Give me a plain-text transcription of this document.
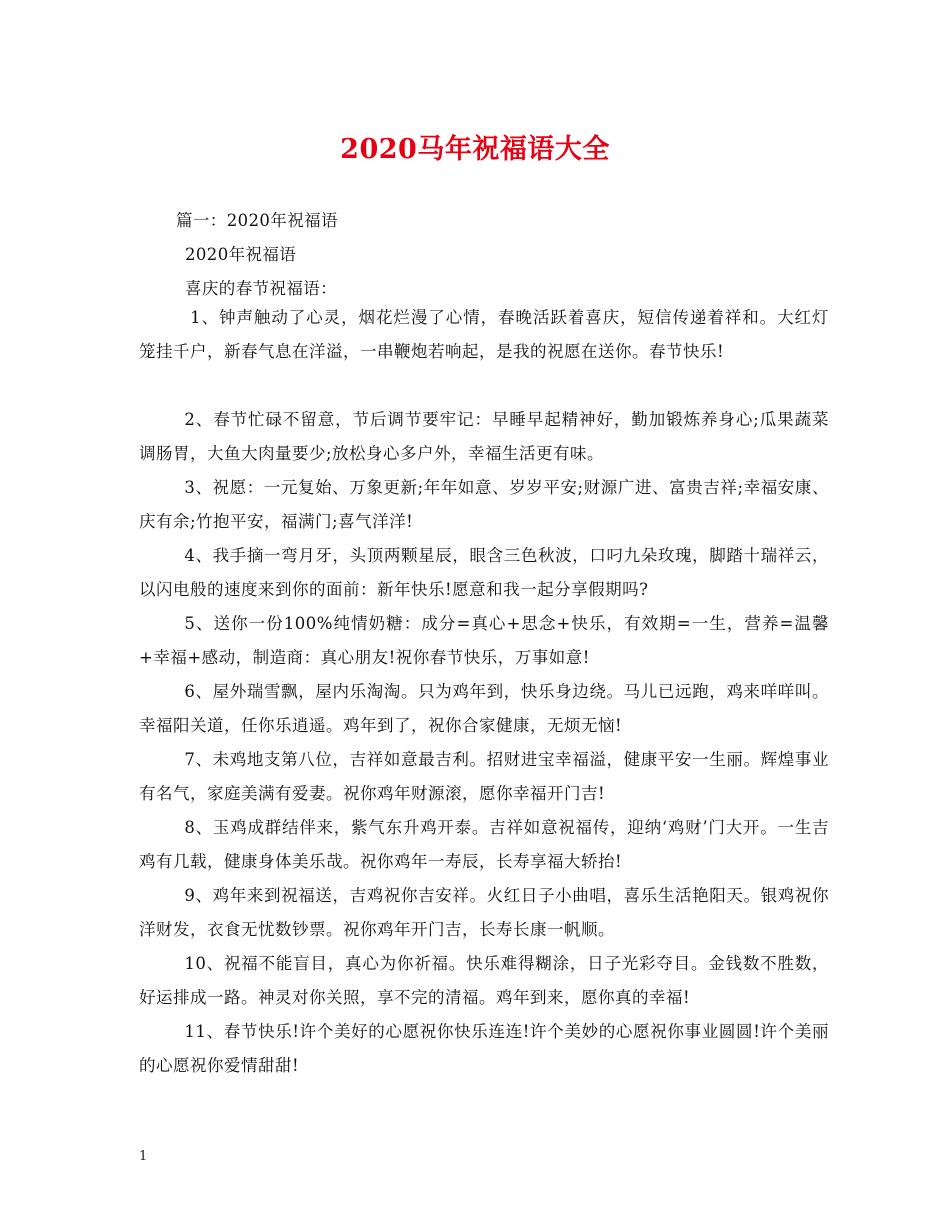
2020马年祝福语大全
篇一：2020年祝福语
2020年祝福语
喜庆的春节祝福语：

1、钟声触动了心灵，烟花烂漫了心情，春晚活跃着喜庆，短信传递着祥和。大红灯笼挂千户，新春气息在洋溢，一串鞭炮若响起，是我的祝愿在送你。春节快乐!

2、春节忙碌不留意，节后调节要牢记：早睡早起精神好，勤加锻炼养身心;瓜果蔬菜调肠胃，大鱼大肉量要少;放松身心多户外，幸福生活更有味。

3、祝愿：一元复始、万象更新;年年如意、岁岁平安;财源广进、富贵吉祥;幸福安康、庆有余;竹抱平安，福满门;喜气洋洋!

4、我手摘一弯月牙，头顶两颗星辰，眼含三色秋波，口叼九朵玫瑰，脚踏十瑞祥云，以闪电般的速度来到你的面前：新年快乐!愿意和我一起分享假期吗?

5、送你一份100%纯情奶糖：成分=真心+思念+快乐，有效期=一生，营养=温馨+幸福+感动，制造商：真心朋友!祝你春节快乐，万事如意!

6、屋外瑞雪飘，屋内乐淘淘。只为鸡年到，快乐身边绕。马儿已远跑，鸡来咩咩叫。幸福阳关道，任你乐逍遥。鸡年到了，祝你合家健康，无烦无恼!

7、未鸡地支第八位，吉祥如意最吉利。招财进宝幸福溢，健康平安一生丽。辉煌事业有名气，家庭美满有爱妻。祝你鸡年财源滚，愿你幸福开门吉!

8、玉鸡成群结伴来，紫气东升鸡开泰。吉祥如意祝福传，迎纳‘鸡财’门大开。一生吉鸡有几载，健康身体美乐哉。祝你鸡年一寿辰，长寿享福大轿抬!

9、鸡年来到祝福送，吉鸡祝你吉安祥。火红日子小曲唱，喜乐生活艳阳天。银鸡祝你洋财发，衣食无忧数钞票。祝你鸡年开门吉，长寿长康一帆顺。

10、祝福不能盲目，真心为你祈福。快乐难得糊涂，日子光彩夺目。金钱数不胜数，好运排成一路。神灵对你关照，享不完的清福。鸡年到来，愿你真的幸福!

11、春节快乐!许个美好的心愿祝你快乐连连!许个美妙的心愿祝你事业圆圆!许个美丽的心愿祝你爱情甜甜!

1
